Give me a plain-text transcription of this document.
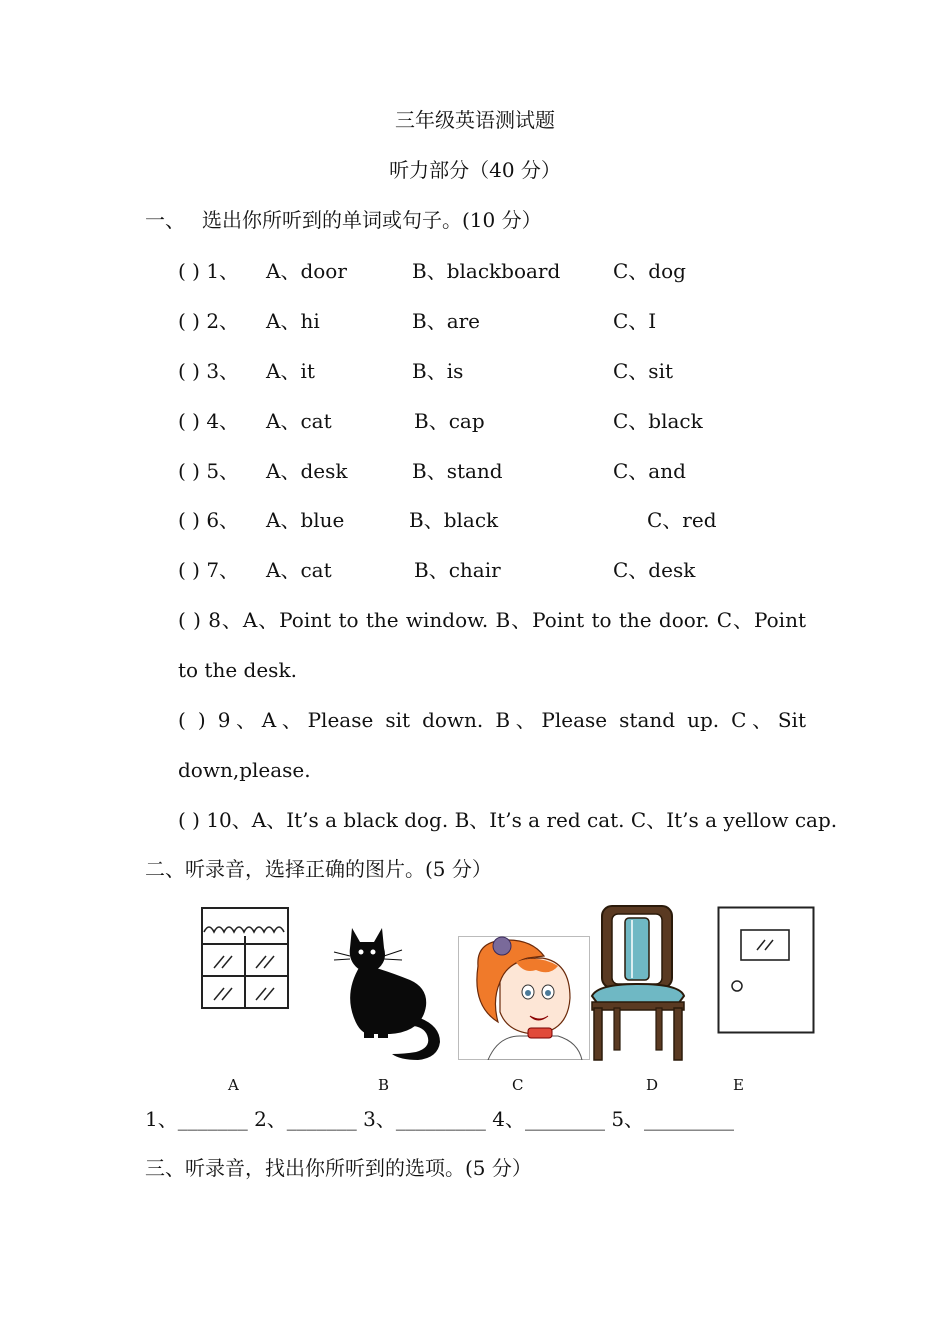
三年级英语测试题
听力部分（40 分）
一、 选出你所听到的单词或句子。(10 分）
( ) 1、 A、door	B、blackboard	C、dog
( ) 2、 A、hi	B、are	C、I
( ) 3、 A、it	B、is	C、sit
( ) 4、 A、cat	B、cap	C、black
( ) 5、 A、desk	B、stand	C、and
( ) 6、 A、blue	B、black	C、red
( ) 7、 A、cat	B、chair	C、desk
( ) 8、A、Point to the window. B、Point to the door. C、Point
to the desk.
( ) 9、A、Please sit down. B、Please stand up. C、Sit
down,please.
( ) 10、A、It’s a black dog. B、It’s a red cat. C、It’s a yellow cap.
二、听录音，选择正确的图片。(5 分）
A	B	C	D	E
1、_______ 2、_______ 3、_________ 4、________ 5、_________
三、听录音，找出你所听到的选项。(5 分）
